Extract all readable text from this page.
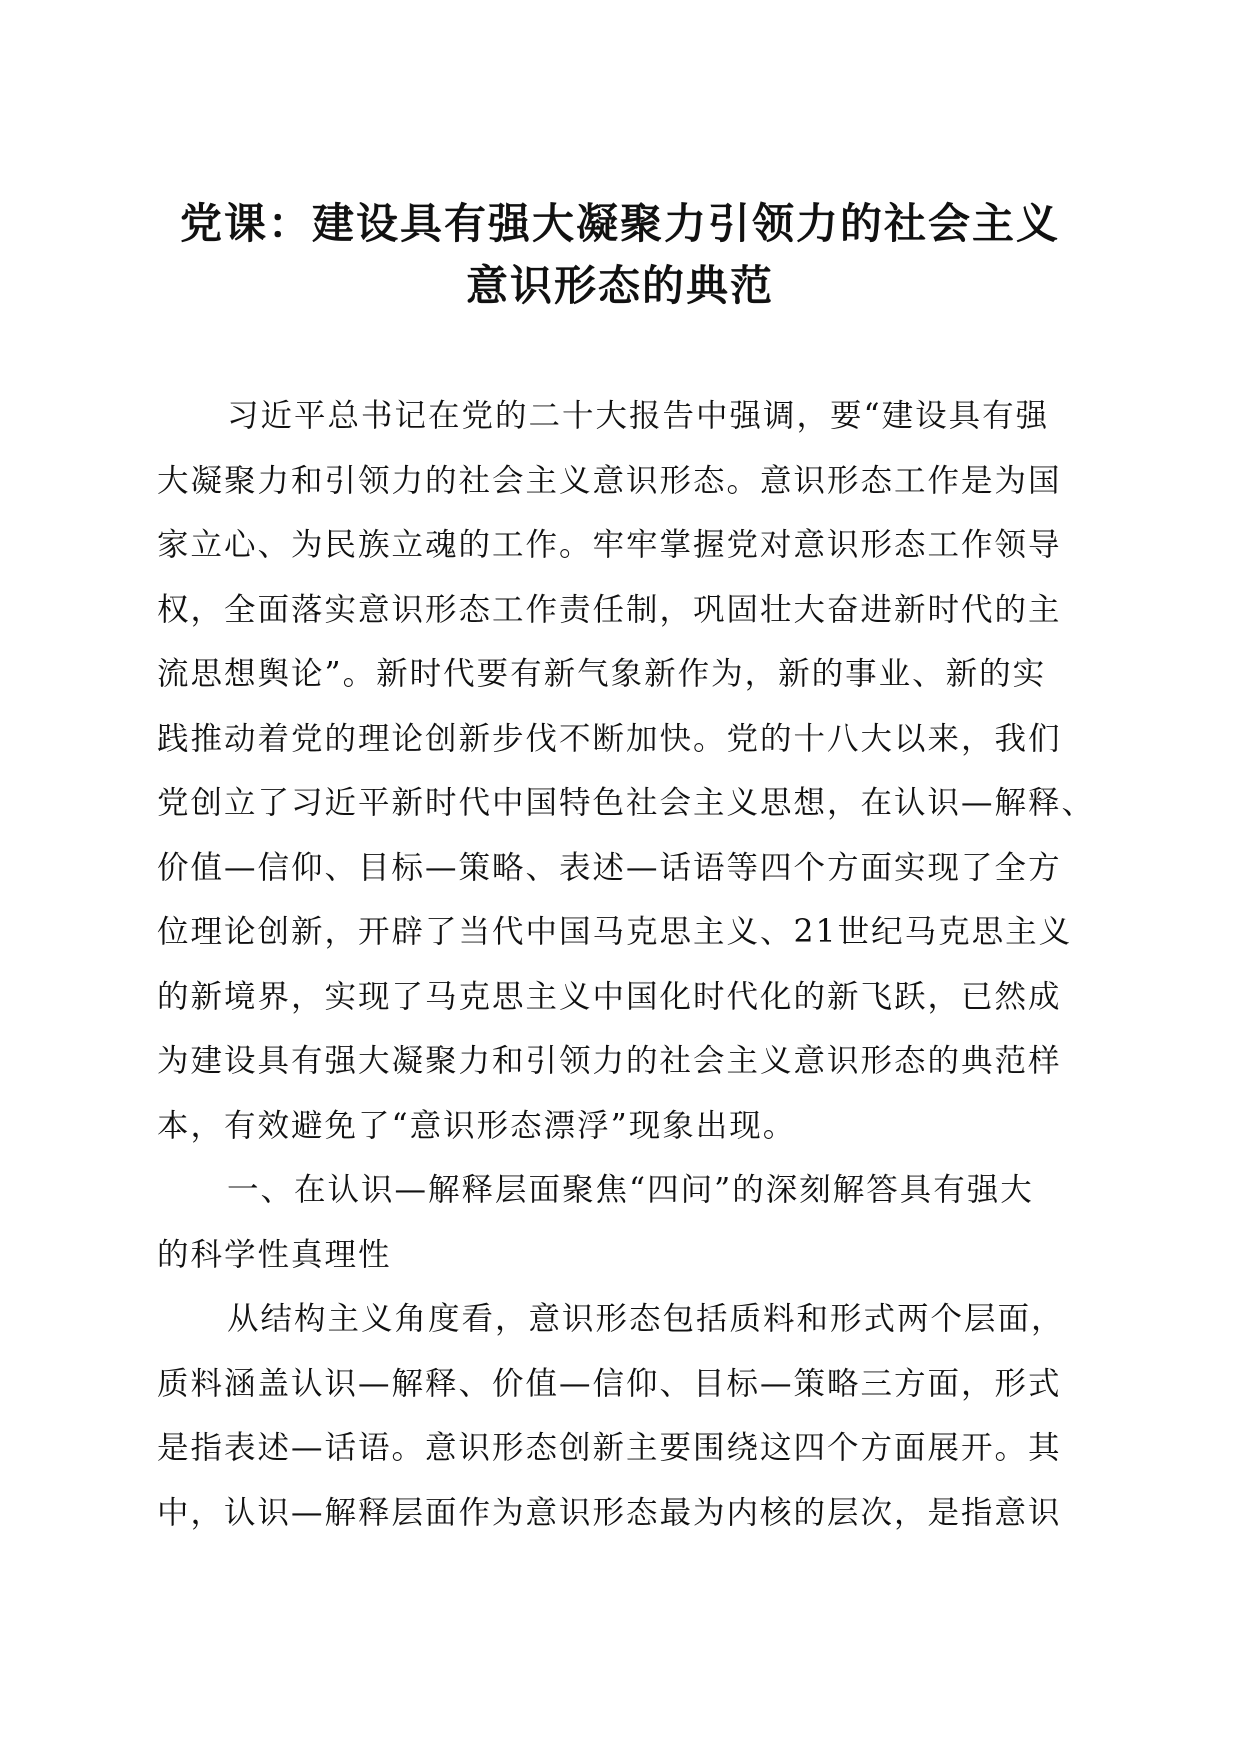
党课：建设具有强大凝聚力引领力的社会主义
意识形态的典范
习近平总书记在党的二十大报告中强调，要“建设具有强
大凝聚力和引领力的社会主义意识形态。意识形态工作是为国
家立心、为民族立魂的工作。牢牢掌握党对意识形态工作领导
权，全面落实意识形态工作责任制，巩固壮大奋进新时代的主
流思想舆论”。新时代要有新气象新作为，新的事业、新的实
践推动着党的理论创新步伐不断加快。党的十八大以来，我们
党创立了习近平新时代中国特色社会主义思想，在认识—解释、
价值—信仰、目标—策略、表述—话语等四个方面实现了全方
位理论创新，开辟了当代中国马克思主义、21世纪马克思主义
的新境界，实现了马克思主义中国化时代化的新飞跃，已然成
为建设具有强大凝聚力和引领力的社会主义意识形态的典范样
本，有效避免了“意识形态漂浮”现象出现。
一、在认识—解释层面聚焦“四问”的深刻解答具有强大
的科学性真理性
从结构主义角度看，意识形态包括质料和形式两个层面，
质料涵盖认识—解释、价值—信仰、目标—策略三方面，形式
是指表述—话语。意识形态创新主要围绕这四个方面展开。其
中，认识—解释层面作为意识形态最为内核的层次，是指意识
